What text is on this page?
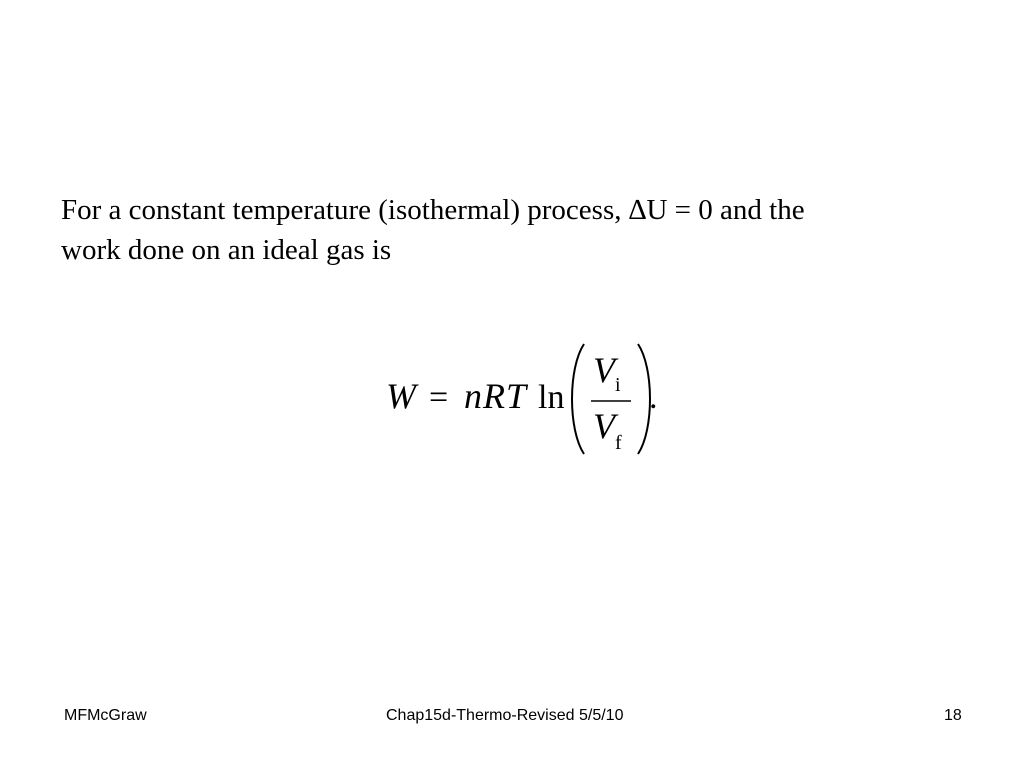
For a constant temperature (isothermal) process, ∆U = 0 and the
work done on an ideal gas is
W = n R T ln
V i
V f
.
MFMcGraw	Chap15d-Thermo-Revised 5/5/10	18
